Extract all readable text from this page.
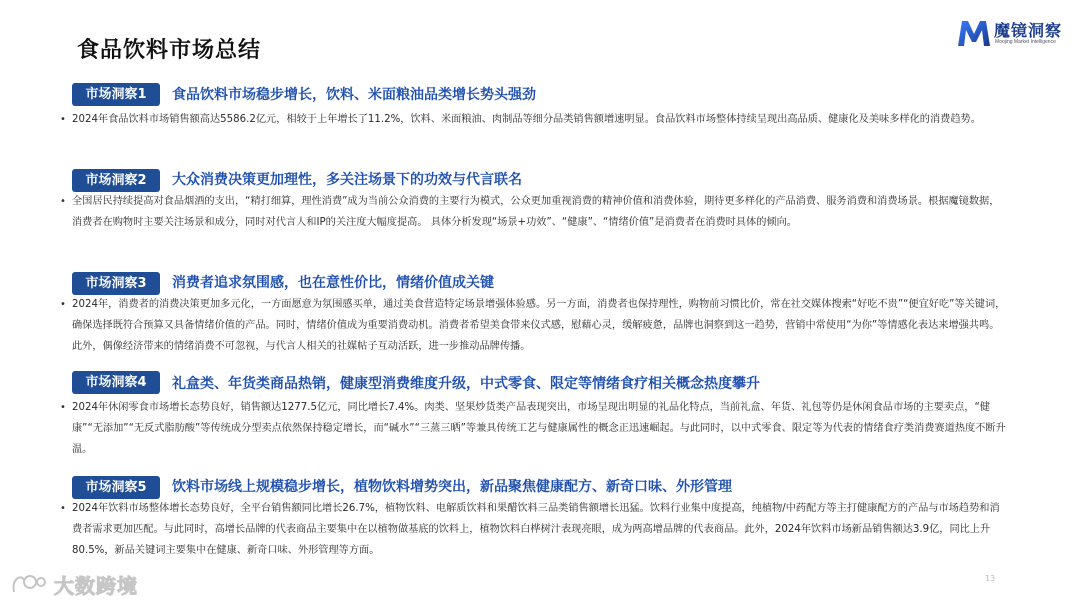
食品饮料市场总结
魔镜洞察
Moojing Market Intelligence
市场洞察1	食品饮料市场稳步增长，饮料、米面粮油品类增长势头强劲
• 2024年食品饮料市场销售额高达5586.2亿元，相较于上年增长了11.2%，饮料、米面粮油、肉制品等细分品类销售额增速明显。食品饮料市场整体持续呈现出高品质、健康化及美味多样化的消费趋势。
市场洞察2	大众消费决策更加理性，多关注场景下的功效与代言联名
• 全国居民持续提高对食品烟酒的支出，“精打细算，理性消费”成为当前公众消费的主要行为模式，公众更加重视消费的精神价值和消费体验，期待更多样化的产品消费、服务消费和消费场景。根据魔镜数据，消费者在购物时主要关注场景和成分，同时对代言人和IP的关注度大幅度提高。 具体分析发现“场景+功效”、“健康”、“情绪价值”是消费者在消费时具体的倾向。
市场洞察3	消费者追求氛围感，也在意性价比，情绪价值成关键
• 2024年，消费者的消费决策更加多元化，一方面愿意为氛围感买单，通过美食营造特定场景增强体验感。另一方面，消费者也保持理性，购物前习惯比价，常在社交媒体搜索“好吃不贵”“便宜好吃”等关键词，确保选择既符合预算又具备情绪价值的产品。同时，情绪价值成为重要消费动机。消费者希望美食带来仪式感，慰藉心灵，缓解疲惫，品牌也洞察到这一趋势，营销中常使用“为你”等情感化表达来增强共鸣。此外，偶像经济带来的情绪消费不可忽视，与代言人相关的社媒帖子互动活跃，进一步推动品牌传播。
市场洞察4	礼盒类、年货类商品热销，健康型消费维度升级，中式零食、限定等情绪食疗相关概念热度攀升
• 2024年休闲零食市场增长态势良好，销售额达1277.5亿元，同比增长7.4%。肉类、坚果炒货类产品表现突出，市场呈现出明显的礼品化特点，当前礼盒、年货、礼包等仍是休闲食品市场的主要卖点，“健康”“无添加”“无反式脂肪酸”等传统成分型卖点依然保持稳定增长，而“碱水”“三蒸三晒”等兼具传统工艺与健康属性的概念正迅速崛起。与此同时，以中式零食、限定等为代表的情绪食疗类消费赛道热度不断升温。
市场洞察5	饮料市场线上规模稳步增长，植物饮料增势突出，新品聚焦健康配方、新奇口味、外形管理
• 2024年饮料市场整体增长态势良好，全平台销售额同比增长26.7%，植物饮料、电解质饮料和果醋饮料三品类销售额增长迅猛。饮料行业集中度提高，纯植物/中药配方等主打健康配方的产品与市场趋势和消费者需求更加匹配。与此同时，高增长品牌的代表商品主要集中在以植物做基底的饮料上，植物饮料白桦树汁表现亮眼，成为两高增品牌的代表商品。此外，2024年饮料市场新品销售额达3.9亿，同比上升80.5%，新品关键词主要集中在健康、新奇口味、外形管理等方面。
大数跨境	13
